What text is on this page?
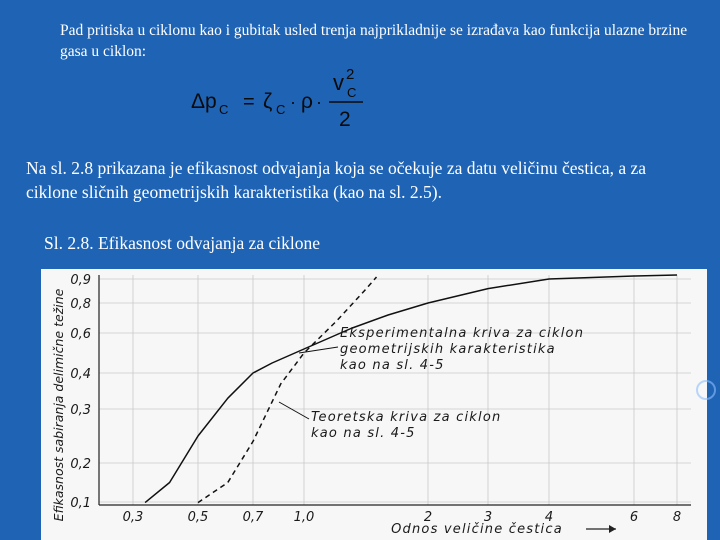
Pad pritiska u ciklonu kao i gubitak usled trenja najprikladnije se izrađava kao funkcija ulazne brzine gasa u ciklon:
Δp C = ζ C · ρ ·
v 2
C
2
Na sl. 2.8 prikazana je efikasnost odvajanja koja se očekuje za datu veličinu čestica, a za ciklone sličnih geometrijskih karakteristika (kao na sl. 2.5).
Sl. 2.8. Efikasnost odvajanja za ciklone
0,3	0,5	0,7 1,0	2	3	4	6	8
0,1
0,2
0,3
0,4
0,6
0,8
0,9
Eksperimentalna kriva za ciklon
geometrijskih karakteristika
kao na sl. 4-5
Teoretska kriva za ciklon
kao na sl. 4-5
Efikasnost sabiranja delimične težine
Odnos veličine čestica
